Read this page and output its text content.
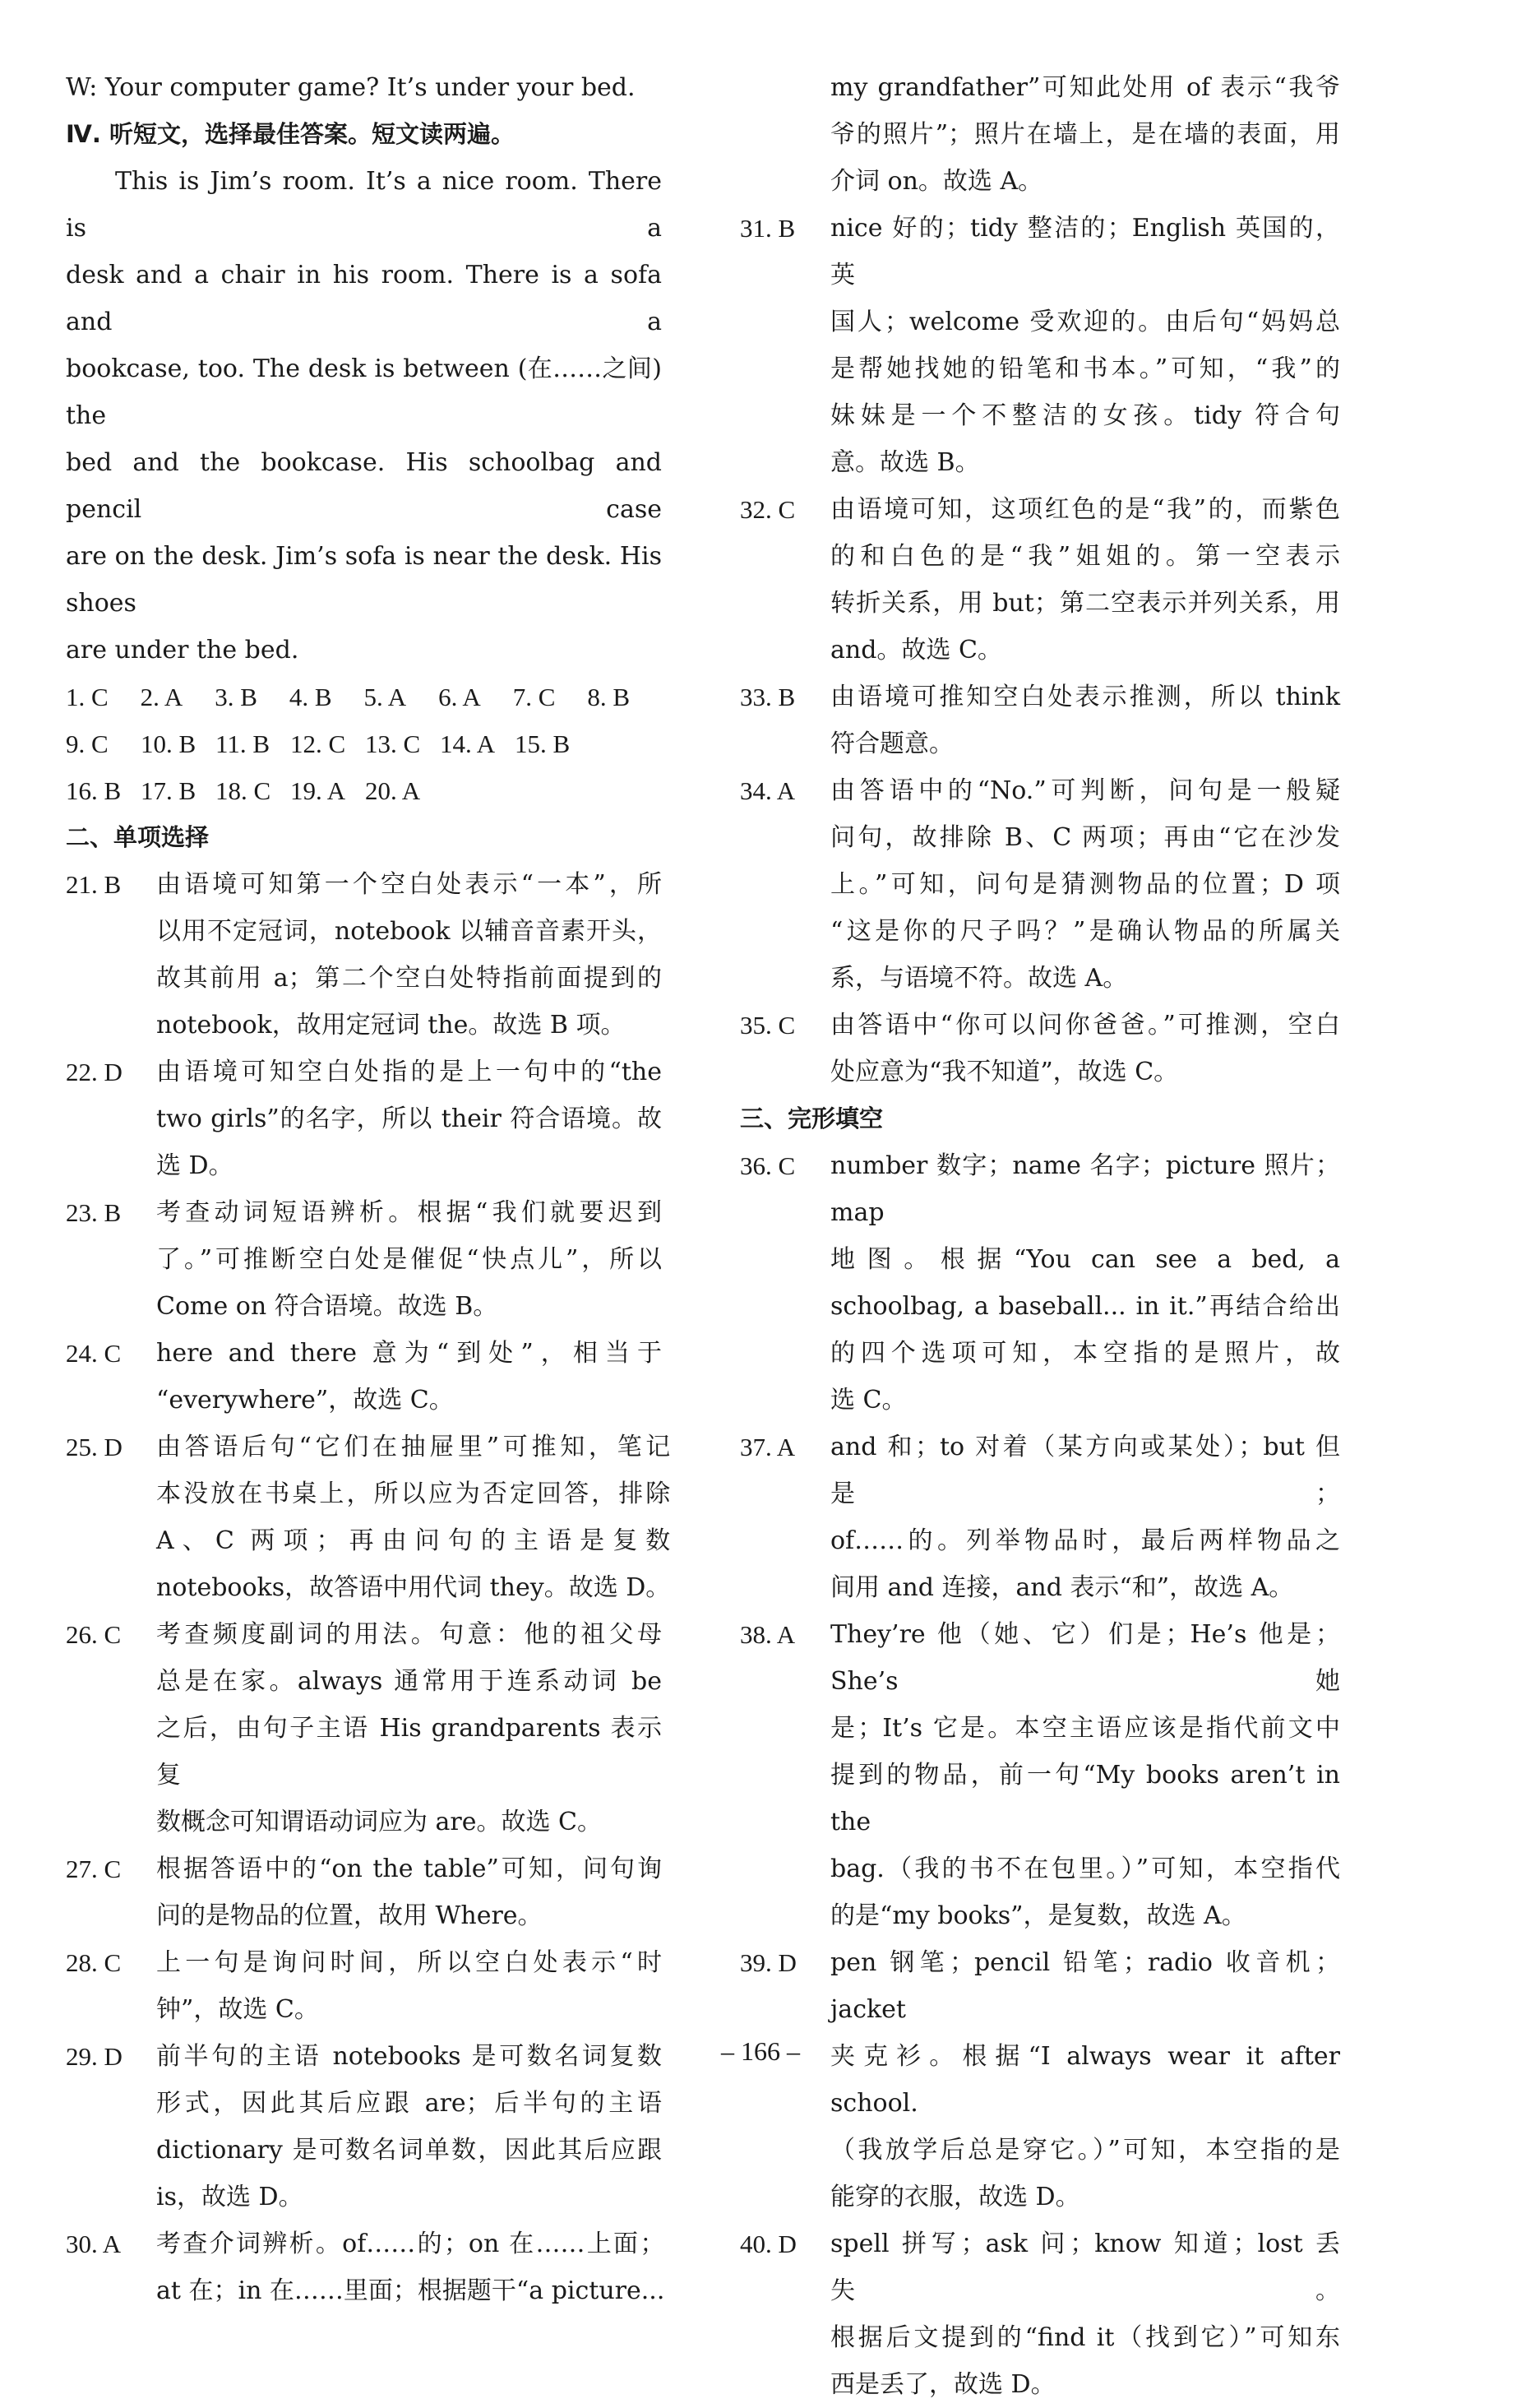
W: Your computer game? It’s under your bed.

Ⅳ. 听短文，选择最佳答案。短文读两遍。

This is Jim’s room. It’s a nice room. There is a

desk and a chair in his room. There is a sofa and a

bookcase, too. The desk is between (在……之间) the

bed and the bookcase. His schoolbag and pencil case

are on the desk. Jim’s sofa is near the desk. His shoes

are under the bed.

1. C	2. A	3. B	4. B	5. A	6. A	7. C	8. B
9. C	10. B 11. B 12. C 13. C 14. A 15. B
16. B 17. B 18. C 19. A 20. A

二、单项选择

21. B	由语境可知第一个空白处表示“一本”，所

以用不定冠词，notebook 以辅音音素开头，

故其前用 a；第二个空白处特指前面提到的

notebook，故用定冠词 the。故选 B 项。

22. D	由语境可知空白处指的是上一句中的“the

two girls”的名字，所以 their 符合语境。故

选 D。

23. B	考查动词短语辨析。根据“我们就要迟到

了。”可推断空白处是催促“快点儿”，所以

Come on 符合语境。故选 B。

24. C	here and there 意为“到处”，相当于

“everywhere”，故选 C。

25. D	由答语后句“它们在抽屉里”可推知，笔记

本没放在书桌上，所以应为否定回答，排除

A、C 两项；再由问句的主语是复数

notebooks，故答语中用代词 they。故选 D。

26. C	考查频度副词的用法。句意：他的祖父母

总是在家。always 通常用于连系动词 be

之后，由句子主语 His grandparents 表示复

数概念可知谓语动词应为 are。故选 C。

27. C	根据答语中的“on the table”可知，问句询

问的是物品的位置，故用 Where。

28. C	上一句是询问时间，所以空白处表示“时

钟”，故选 C。

29. D	前半句的主语 notebooks 是可数名词复数

形式，因此其后应跟 are；后半句的主语

dictionary 是可数名词单数，因此其后应跟

is，故选 D。

30. A	考查介词辨析。of……的；on 在……上面；

at 在；in 在……里面；根据题干“a picture...

my grandfather”可知此处用 of 表示“我爷

爷的照片”；照片在墙上，是在墙的表面，用

介词 on。故选 A。

31. B	nice 好的；tidy 整洁的；English 英国的，英

国人；welcome 受欢迎的。由后句“妈妈总

是帮她找她的铅笔和书本。”可知，“我”的

妹妹是一个不整洁的女孩。tidy 符合句

意。故选 B。

32. C	由语境可知，这项红色的是“我”的，而紫色

的和白色的是“我”姐姐的。第一空表示

转折关系，用 but；第二空表示并列关系，用

and。故选 C。

33. B	由语境可推知空白处表示推测，所以 think

符合题意。

34. A	由答语中的“No.”可判断，问句是一般疑

问句，故排除 B、C 两项；再由“它在沙发

上。”可知，问句是猜测物品的位置；D 项

“这是你的尺子吗？”是确认物品的所属关

系，与语境不符。故选 A。

35. C	由答语中“你可以问你爸爸。”可推测，空白

处应意为“我不知道”，故选 C。

三、完形填空

36. C	number 数字；name 名字；picture 照片；map

地图。根据“You can see a bed, a

schoolbag, a baseball... in it.”再结合给出

的四个选项可知，本空指的是照片，故

选 C。

37. A	and 和；to 对着（某方向或某处）；but 但是；

of……的。列举物品时，最后两样物品之

间用 and 连接，and 表示“和”，故选 A。

38. A	They’re 他（她、它）们是；He’s 他是；She’s 她

是；It’s 它是。本空主语应该是指代前文中

提到的物品，前一句“My books aren’t in the

bag.（我的书不在包里。）”可知，本空指代

的是“my books”，是复数，故选 A。

39. D	pen 钢笔；pencil 铅笔；radio 收音机；jacket

夹克衫。根据“I always wear it after school.

（我放学后总是穿它。）”可知，本空指的是

能穿的衣服，故选 D。

40. D	spell 拼写；ask 问；know 知道；lost 丢失。

根据后文提到的“find it（找到它）”可知东

西是丢了，故选 D。

– 166 –
